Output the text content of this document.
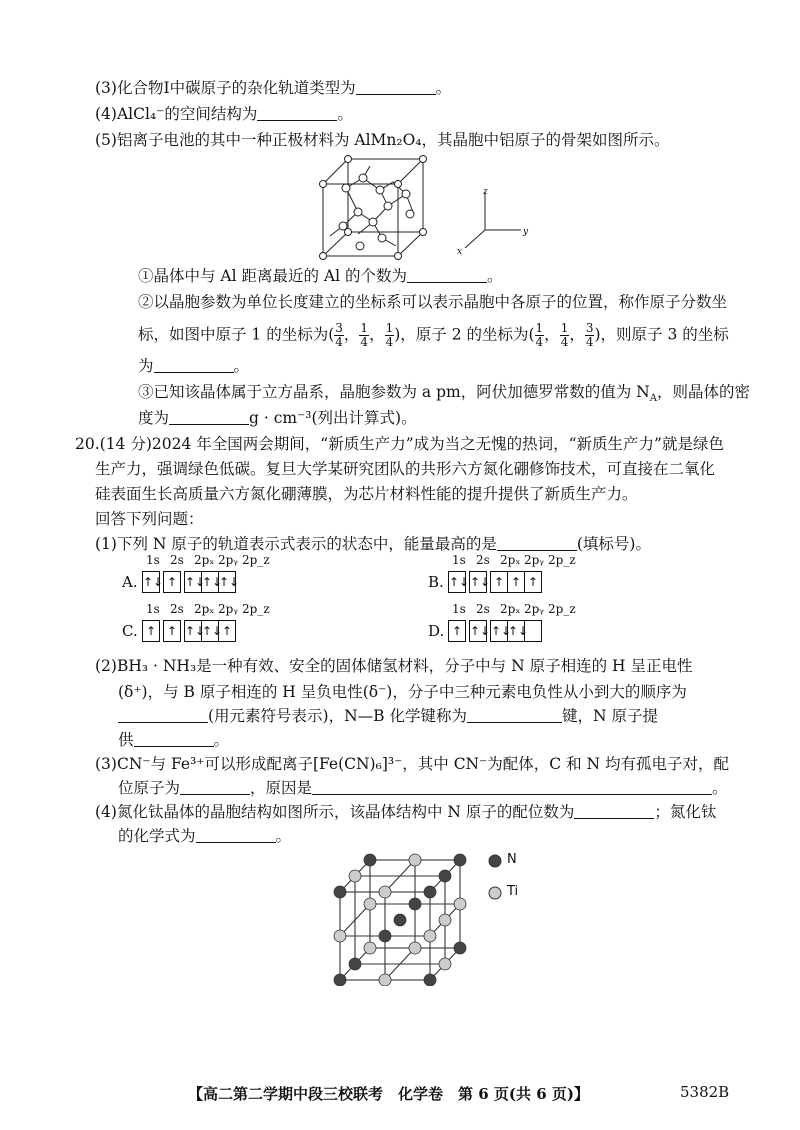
(3)化合物Ⅰ中碳原子的杂化轨道类型为	。
(4)AlCl₄⁻的空间结构为	。
(5)铝离子电池的其中一种正极材料为 AlMn₂O₄，其晶胞中铝原子的骨架如图所示。
z
y
x
①晶体中与 Al 距离最近的 Al 的个数为	。
②以晶胞参数为单位长度建立的坐标系可以表示晶胞中各原子的位置，称作原子分数坐
标，如图中原子 1 的坐标为( $\frac{3}{4}$ ， $\frac{1}{4}$ ， $\frac{1}{4}$ )，原子 2 的坐标为( $\frac{1}{4}$ ， $\frac{1}{4}$ ， $\frac{3}{4}$ )，则原子 3 的坐标
为	。
③已知该晶体属于立方晶系，晶胞参数为 a pm，阿伏加德罗常数的值为 $N_A$，则晶体的密
度为	g · cm⁻³(列出计算式)。
20.(14 分)2024 年全国两会期间，“新质生产力”成为当之无愧的热词，“新质生产力”就是绿色
生产力，强调绿色低碳。复旦大学某研究团队的共形六方氮化硼修饰技术，可直接在二氧化
硅表面生长高质量六方氮化硼薄膜，为芯片材料性能的提升提供了新质生产力。
回答下列问题：
(1)下列 N 原子的轨道表示式表示的状态中，能量最高的是	(填标号)。
A.
1s 2s 2pₓ 2pᵧ 2p_z
↑↓ ↑ ↑↓
↑↓
↑↓	B.
1s 2s 2pₓ 2pᵧ 2p_z
↑↓ ↑↓ ↑ ↑ ↑
C.
1s 2s 2pₓ 2pᵧ 2p_z
↑ ↑ ↑↓
↑↓ ↑	D.
1s 2s 2pₓ 2pᵧ 2p_z
↑ ↑↓ ↑↓
↑↓
(2)BH₃ · NH₃是一种有效、安全的固体储氢材料，分子中与 N 原子相连的 H 呈正电性
(δ⁺)，与 B 原子相连的 H 呈负电性(δ⁻)，分子中三种元素电负性从小到大的顺序为
(用元素符号表示)，N—B 化学键称为	键，N 原子提
供	。
(3)CN⁻与 Fe³⁺可以形成配离子[Fe(CN)₆]³⁻，其中 CN⁻为配体，C 和 N 均有孤电子对，配
位原子为	，原因是	。
(4)氮化钛晶体的晶胞结构如图所示，该晶体结构中 N 原子的配位数为	；氮化钛
的化学式为	。
N
Ti
【高二第二学期中段三校联考　化学卷　第 6 页(共 6 页)】	5382B
